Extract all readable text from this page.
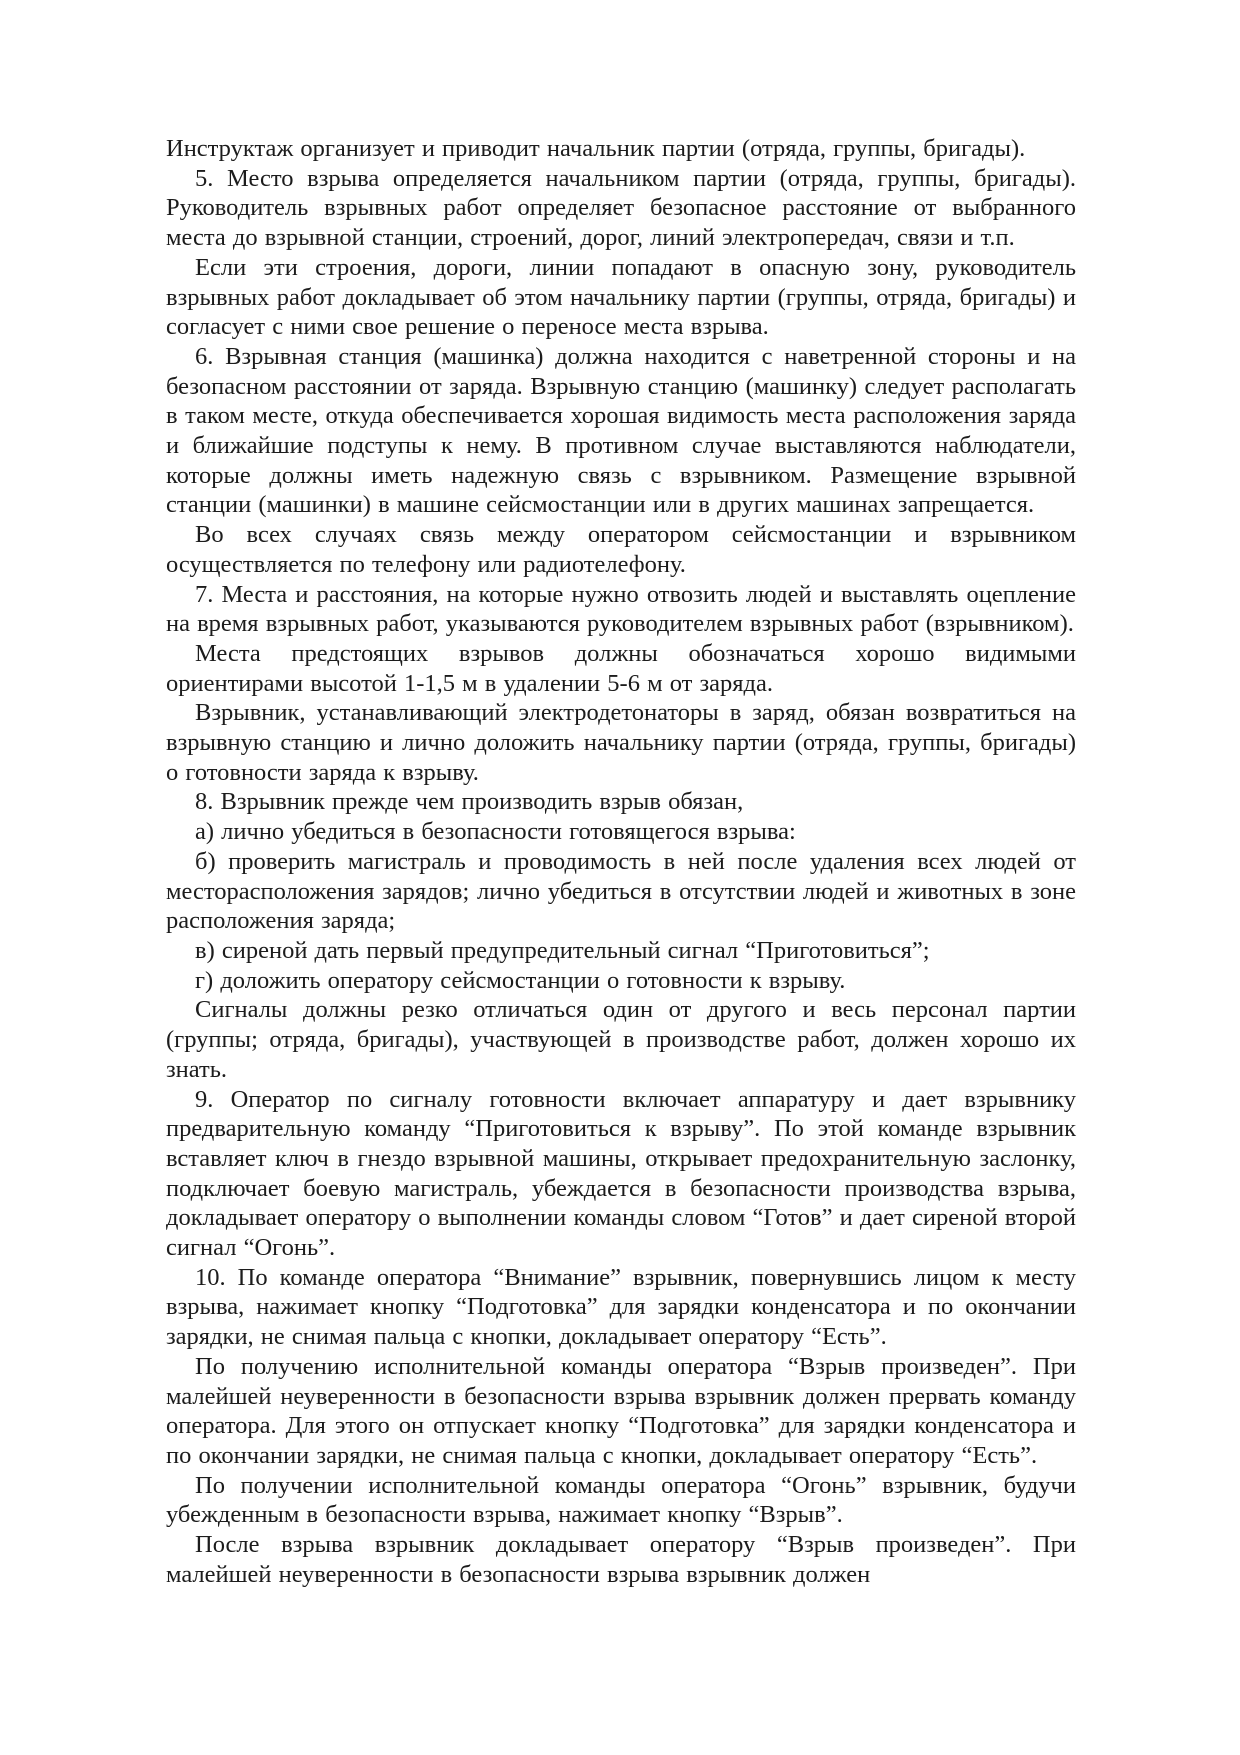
Инструктаж организует и приводит начальник партии (отряда, группы, бригады).

5. Место взрыва определяется начальником партии (отряда, группы, бригады). Руководитель взрывных работ определяет безопасное расстояние от выбранного места до взрывной станции, строений, дорог, линий электропередач, связи и т.п.

Если эти строения, дороги, линии попадают в опасную зону, руководитель взрывных работ докладывает об этом начальнику партии (группы, отряда, бригады) и согласует с ними свое решение о переносе места взрыва.

6. Взрывная станция (машинка) должна находится с наветренной стороны и на безопасном расстоянии от заряда. Взрывную станцию (машинку) следует располагать в таком месте, откуда обеспечивается хорошая видимость места расположения заряда и ближайшие подступы к нему. В противном случае выставляются наблюдатели, которые должны иметь надежную связь с взрывником. Размещение взрывной станции (машинки) в машине сейсмостанции или в других машинах запрещается.

Во всех случаях связь между оператором сейсмостанции и взрывником осуществляется по телефону или радиотелефону.

7. Места и расстояния, на которые нужно отвозить людей и выставлять оцепление на время взрывных работ, указываются руководителем взрывных работ (взрывником).

Места предстоящих взрывов должны обозначаться хорошо видимыми ориентирами высотой 1-1,5 м в удалении 5-6 м от заряда.

Взрывник, устанавливающий электродетонаторы в заряд, обязан возвратиться на взрывную станцию и лично доложить начальнику партии (отряда, группы, бригады) о готовности заряда к взрыву.

8. Взрывник прежде чем производить взрыв обязан,

а) лично убедиться в безопасности готовящегося взрыва:

б) проверить магистраль и проводимость в ней после удаления всех людей от месторасположения зарядов; лично убедиться в отсутствии людей и животных в зоне расположения заряда;

в) сиреной дать первый предупредительный сигнал “Приготовиться”;

г) доложить оператору сейсмостанции о готовности к взрыву.

Сигналы должны резко отличаться один от другого и весь персонал партии (группы; отряда, бригады), участвующей в производстве работ, должен хорошо их знать.

9. Оператор по сигналу готовности включает аппаратуру и дает взрывнику предварительную команду “Приготовиться к взрыву”. По этой команде взрывник вставляет ключ в гнездо взрывной машины, открывает предохранительную заслонку, подключает боевую магистраль, убеждается в безопасности производства взрыва, докладывает оператору о выполнении команды словом “Готов” и дает сиреной второй сигнал “Огонь”.

10. По команде оператора “Внимание” взрывник, повернувшись лицом к месту взрыва, нажимает кнопку “Подготовка” для зарядки конденсатора и по окончании зарядки, не снимая пальца с кнопки, докладывает оператору “Есть”.

По получению исполнительной команды оператора “Взрыв произведен”. При малейшей неуверенности в безопасности взрыва взрывник должен прервать команду оператора. Для этого он отпускает кнопку “Подготовка” для зарядки конденсатора и по окончании зарядки, не снимая пальца с кнопки, докладывает оператору “Есть”.

По получении исполнительной команды оператора “Огонь” взрывник, будучи убежденным в безопасности взрыва, нажимает кнопку “Взрыв”.

После взрыва взрывник докладывает оператору “Взрыв произведен”. При малейшей неуверенности в безопасности взрыва взрывник должен
